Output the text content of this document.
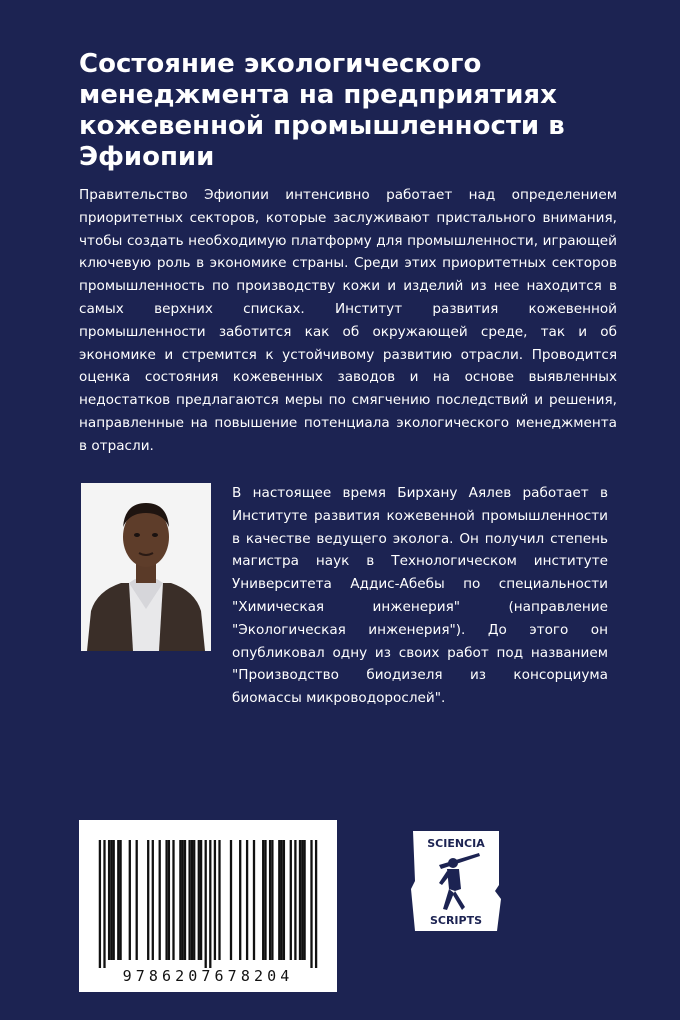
Состояние экологического менеджмента на предприятиях кожевенной промышленности в Эфиопии

Правительство Эфиопии интенсивно работает над определением приоритетных секторов, которые заслуживают пристального внимания, чтобы создать необходимую платформу для промышленности, играющей ключевую роль в экономике страны. Среди этих приоритетных секторов промышленность по производству кожи и изделий из нее находится в самых верхних списках. Институт развития кожевенной промышленности заботится как об окружающей среде, так и об экономике и стремится к устойчивому развитию отрасли. Проводится оценка состояния кожевенных заводов и на основе выявленных недостатков предлагаются меры по смягчению последствий и решения, направленные на повышение потенциала экологического менеджмента в отрасли.

В настоящее время Бирхану Аялев работает в Институте развития кожевенной промышленности в качестве ведущего эколога. Он получил степень магистра наук в Технологическом институте Университета Аддис-Абебы по специальности "Химическая инженерия" (направление "Экологическая инженерия"). До этого он опубликовал одну из своих работ под названием "Производство биодизеля из консорциума биомассы микроводорослей".

9786207678204
SCIENCIA
SCRIPTS
